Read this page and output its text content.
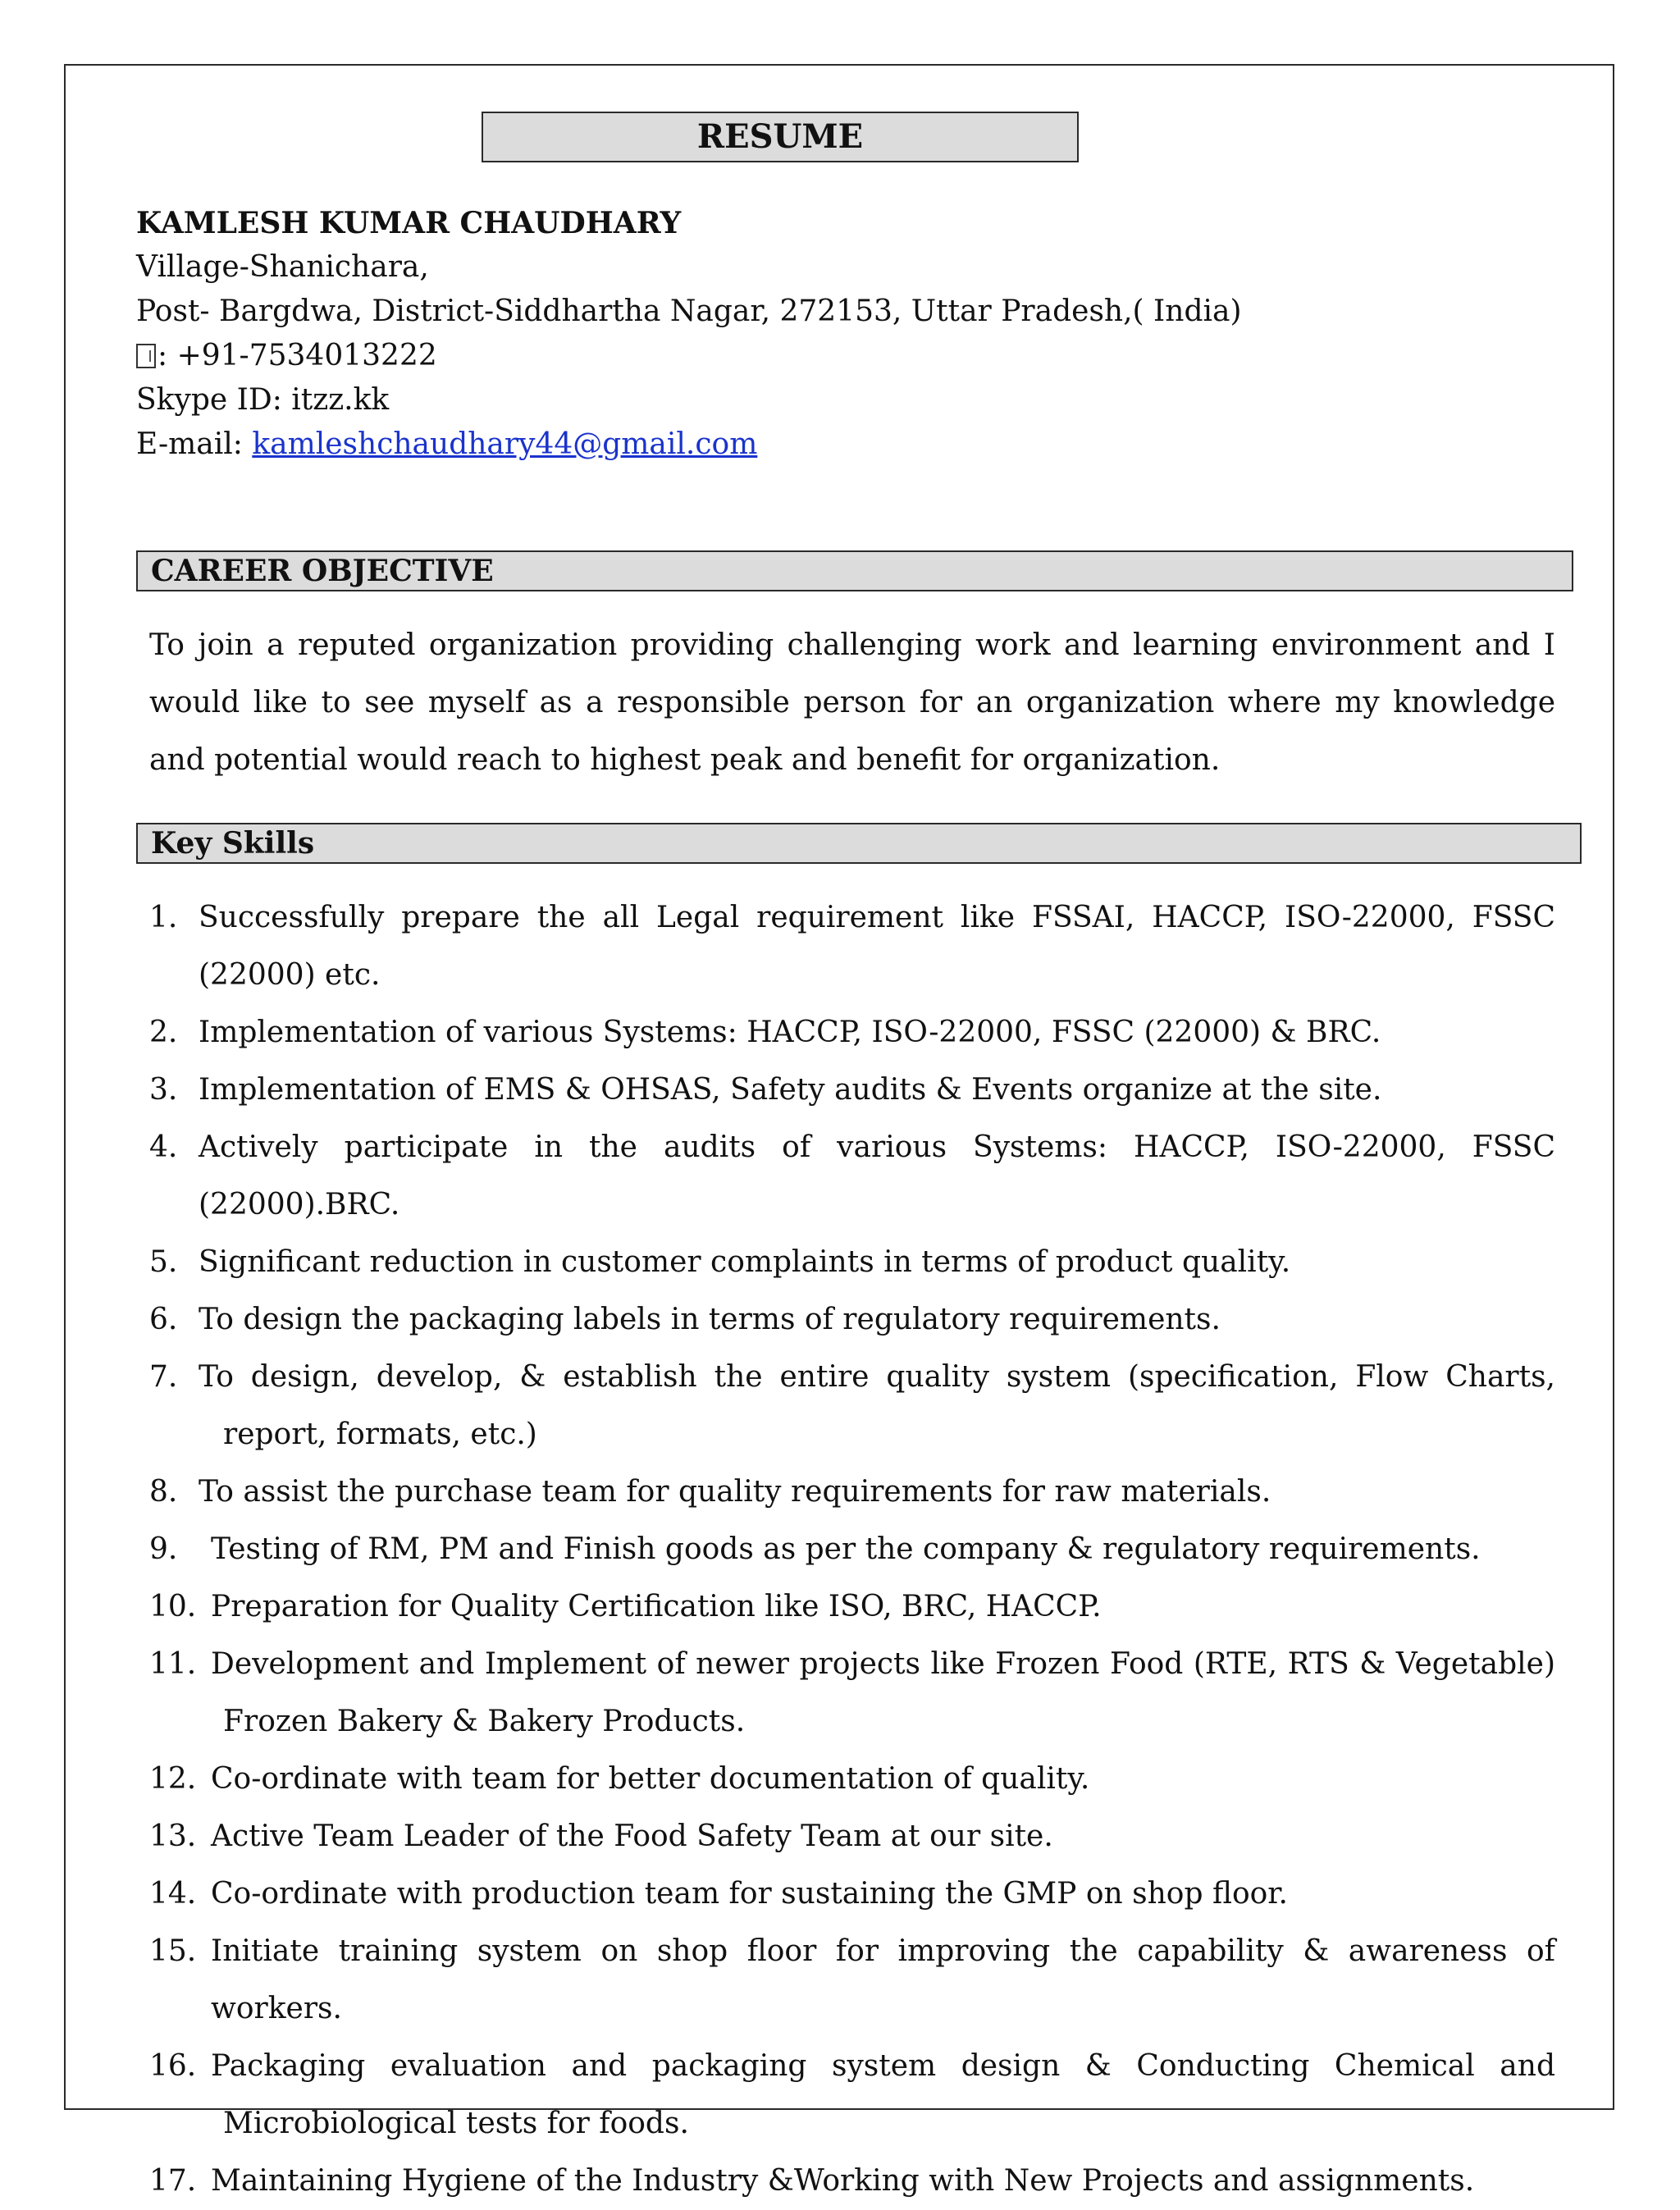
RESUME
KAMLESH KUMAR CHAUDHARY
Village-Shanichara,
Post- Bargdwa, District-Siddhartha Nagar, 272153, Uttar Pradesh,( India)
: +91-7534013222
Skype ID: itzz.kk
E-mail: kamleshchaudhary44@gmail.com
CAREER OBJECTIVE
To join a reputed organization providing challenging work and learning environment and I would like to see myself as a responsible person for an organization where my knowledge and potential would reach to highest peak and benefit for organization.
Key Skills
1. Successfully prepare the all Legal requirement like FSSAI, HACCP, ISO-22000, FSSC (22000) etc.
2. Implementation of various Systems: HACCP, ISO-22000, FSSC (22000) & BRC.
3. Implementation of EMS & OHSAS, Safety audits & Events organize at the site.
4. Actively participate in the audits of various Systems: HACCP, ISO-22000, FSSC (22000).BRC.
5. Significant reduction in customer complaints in terms of product quality.
6. To design the packaging labels in terms of regulatory requirements.
7. To design, develop, & establish the entire quality system (specification, Flow Charts, report, formats, etc.)
8. To assist the purchase team for quality requirements for raw materials.
9. Testing of RM, PM and Finish goods as per the company & regulatory requirements.
10. Preparation for Quality Certification like ISO, BRC, HACCP.
11. Development and Implement of newer projects like Frozen Food (RTE, RTS & Vegetable) Frozen Bakery & Bakery Products.
12. Co-ordinate with team for better documentation of quality.
13. Active Team Leader of the Food Safety Team at our site.
14. Co-ordinate with production team for sustaining the GMP on shop floor.
15. Initiate training system on shop floor for improving the capability & awareness of workers.
16. Packaging evaluation and packaging system design & Conducting Chemical and Microbiological tests for foods.
17. Maintaining Hygiene of the Industry &Working with New Projects and assignments.
